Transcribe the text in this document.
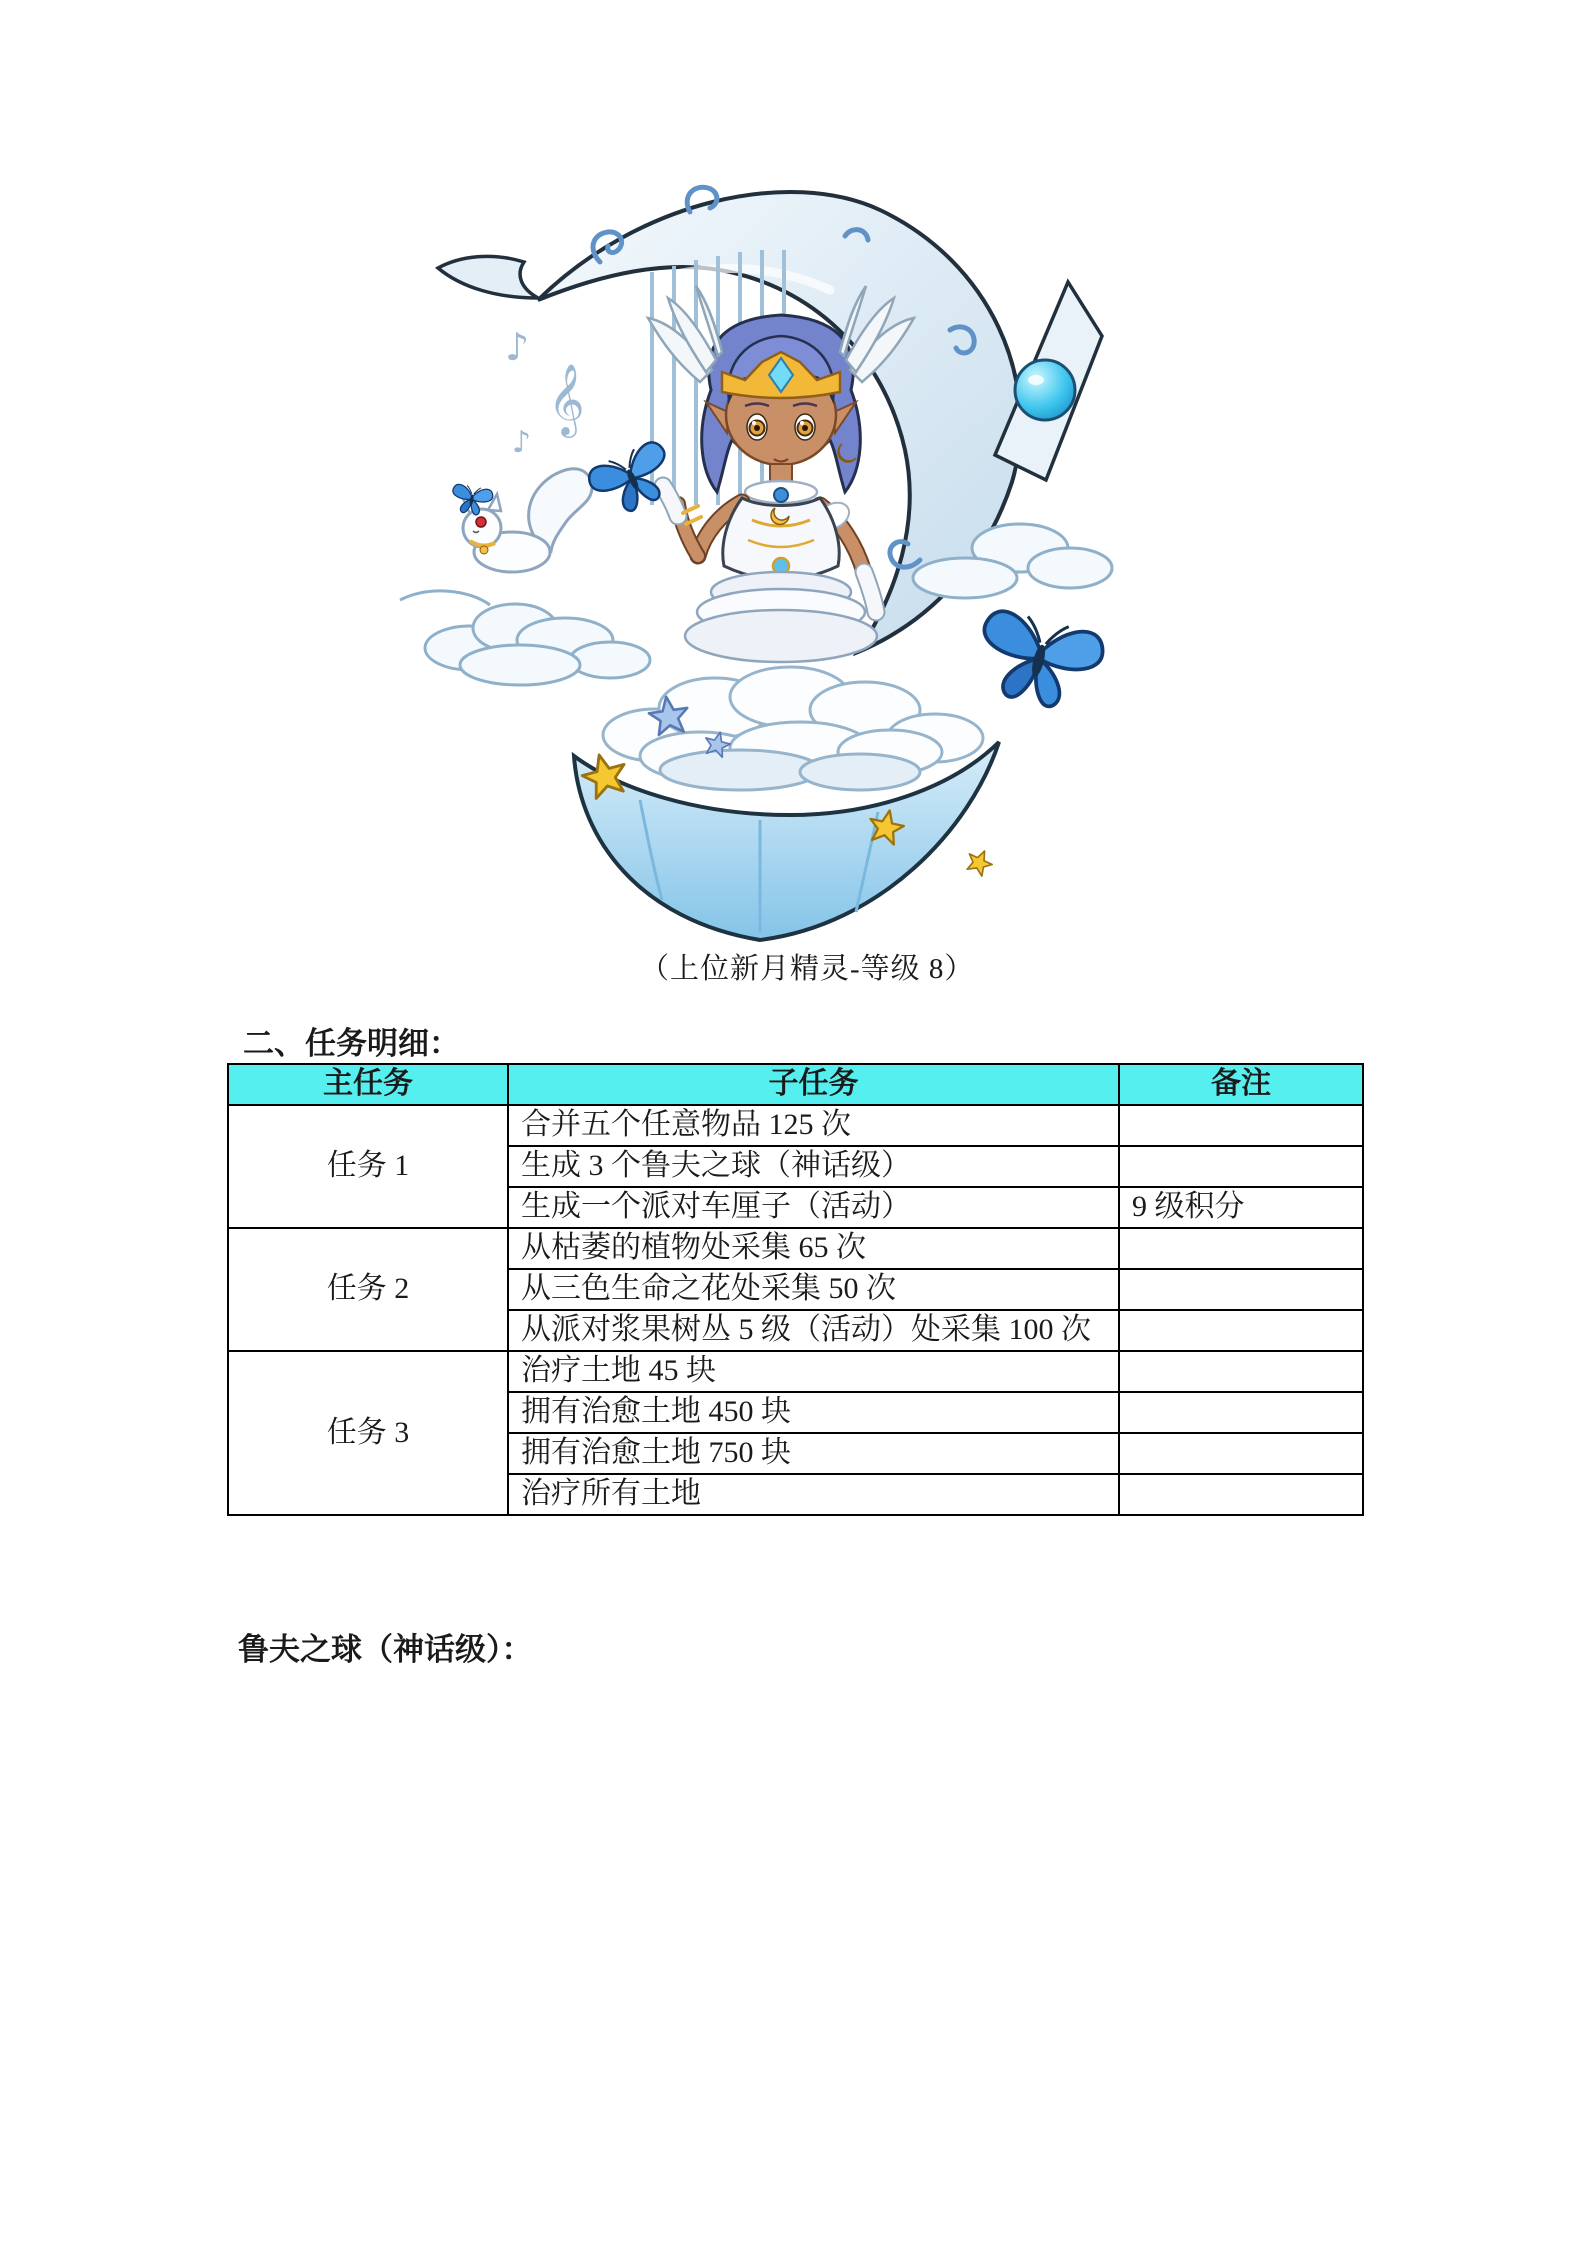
♪
𝄞
♪
（上位新月精灵-等级 8）
二、任务明细：
主任务	子任务	备注
任务 1	合并五个任意物品 125 次	
	生成 3 个鲁夫之球（神话级）	
	生成一个派对车厘子（活动）	9 级积分
任务 2	从枯萎的植物处采集 65 次	
	从三色生命之花处采集 50 次	
	从派对浆果树丛 5 级（活动）处采集 100 次	
任务 3	治疗土地 45 块	
	拥有治愈土地 450 块	
	拥有治愈土地 750 块	
	治疗所有土地	
鲁夫之球（神话级）：
